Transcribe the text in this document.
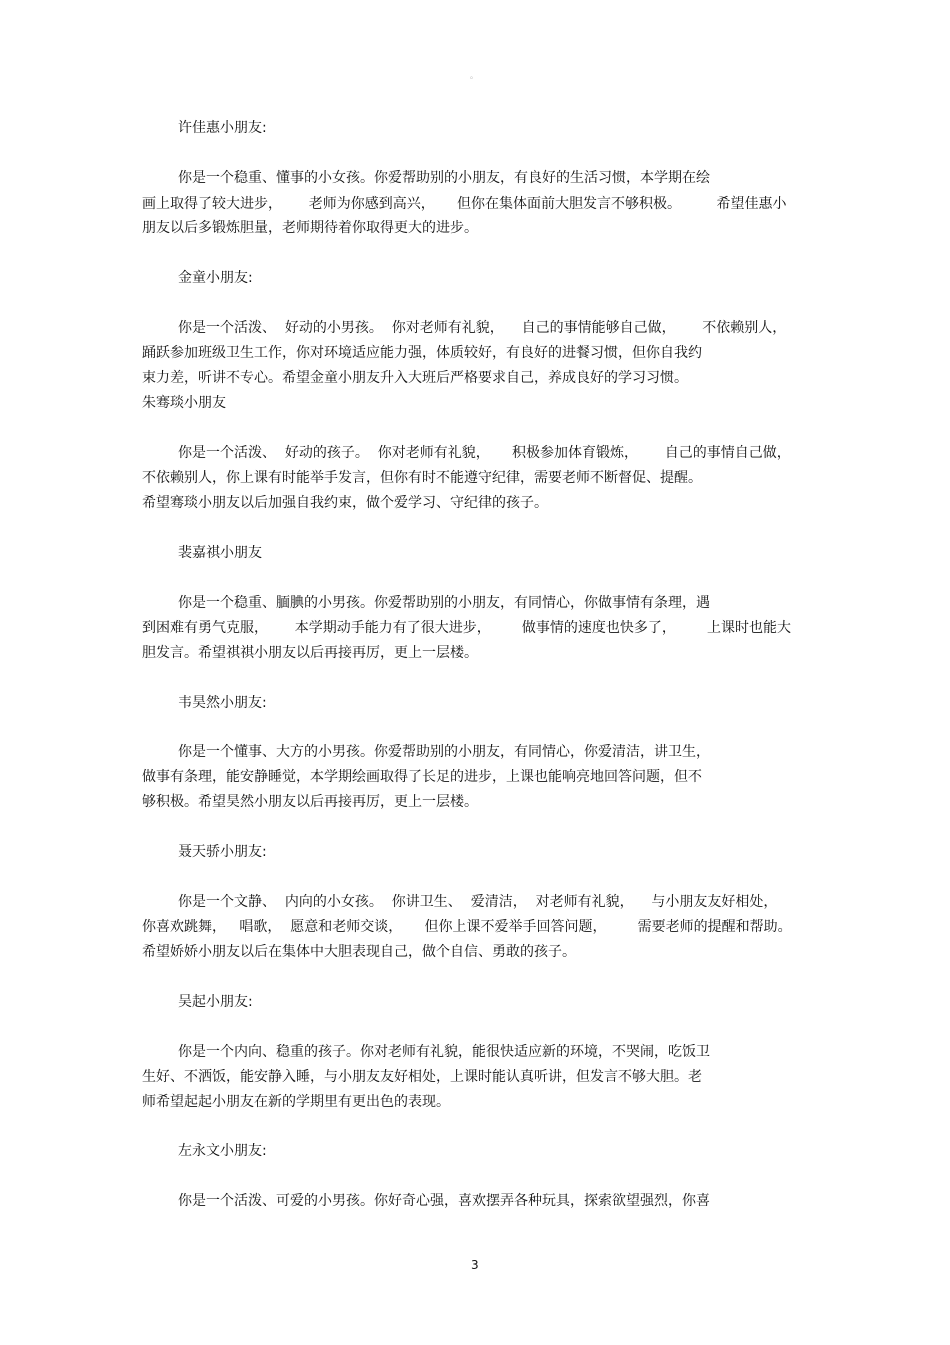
。
许佳惠小朋友:
你是一个稳重、懂事的小女孩。你爱帮助别的小朋友，有良好的生活习惯，本学期在绘
画上取得了较大进步，      老师为你感到高兴，     但你在集体面前大胆发言不够积极。        希望佳惠小
朋友以后多锻炼胆量，老师期待着你取得更大的进步。
金童小朋友:
你是一个活泼、  好动的小男孩。  你对老师有礼貌，    自己的事情能够自己做，      不依赖别人，
踊跃参加班级卫生工作，你对环境适应能力强，体质较好，有良好的进餐习惯，但你自我约
束力差，听讲不专心。希望金童小朋友升入大班后严格要求自己，养成良好的学习习惯。
朱骞琰小朋友
你是一个活泼、  好动的孩子。  你对老师有礼貌，     积极参加体育锻炼，      自己的事情自己做，
不依赖别人，你上课有时能举手发言，但你有时不能遵守纪律，需要老师不断督促、提醒。
希望骞琰小朋友以后加强自我约束，做个爱学习、守纪律的孩子。
裴嘉祺小朋友
你是一个稳重、腼腆的小男孩。你爱帮助别的小朋友，有同情心，你做事情有条理，遇
到困难有勇气克服，      本学期动手能力有了很大进步，       做事情的速度也快多了，       上课时也能大
胆发言。希望祺祺小朋友以后再接再厉，更上一层楼。
韦昊然小朋友:
你是一个懂事、大方的小男孩。你爱帮助别的小朋友，有同情心，你爱清洁，讲卫生，
做事有条理，能安静睡觉，本学期绘画取得了长足的进步，上课也能响亮地回答问题，但不
够积极。希望昊然小朋友以后再接再厉，更上一层楼。
聂天骄小朋友:
你是一个文静、  内向的小女孩。  你讲卫生、  爱清洁，  对老师有礼貌，    与小朋友友好相处，
你喜欢跳舞，   唱歌，  愿意和老师交谈，     但你上课不爱举手回答问题，       需要老师的提醒和帮助。
希望娇娇小朋友以后在集体中大胆表现自己，做个自信、勇敢的孩子。
吴起小朋友:
你是一个内向、稳重的孩子。你对老师有礼貌，能很快适应新的环境，不哭闹，吃饭卫
生好、不洒饭，能安静入睡，与小朋友友好相处，上课时能认真听讲，但发言不够大胆。老
师希望起起小朋友在新的学期里有更出色的表现。
左永文小朋友:
你是一个活泼、可爱的小男孩。你好奇心强，喜欢摆弄各种玩具，探索欲望强烈，你喜
3
